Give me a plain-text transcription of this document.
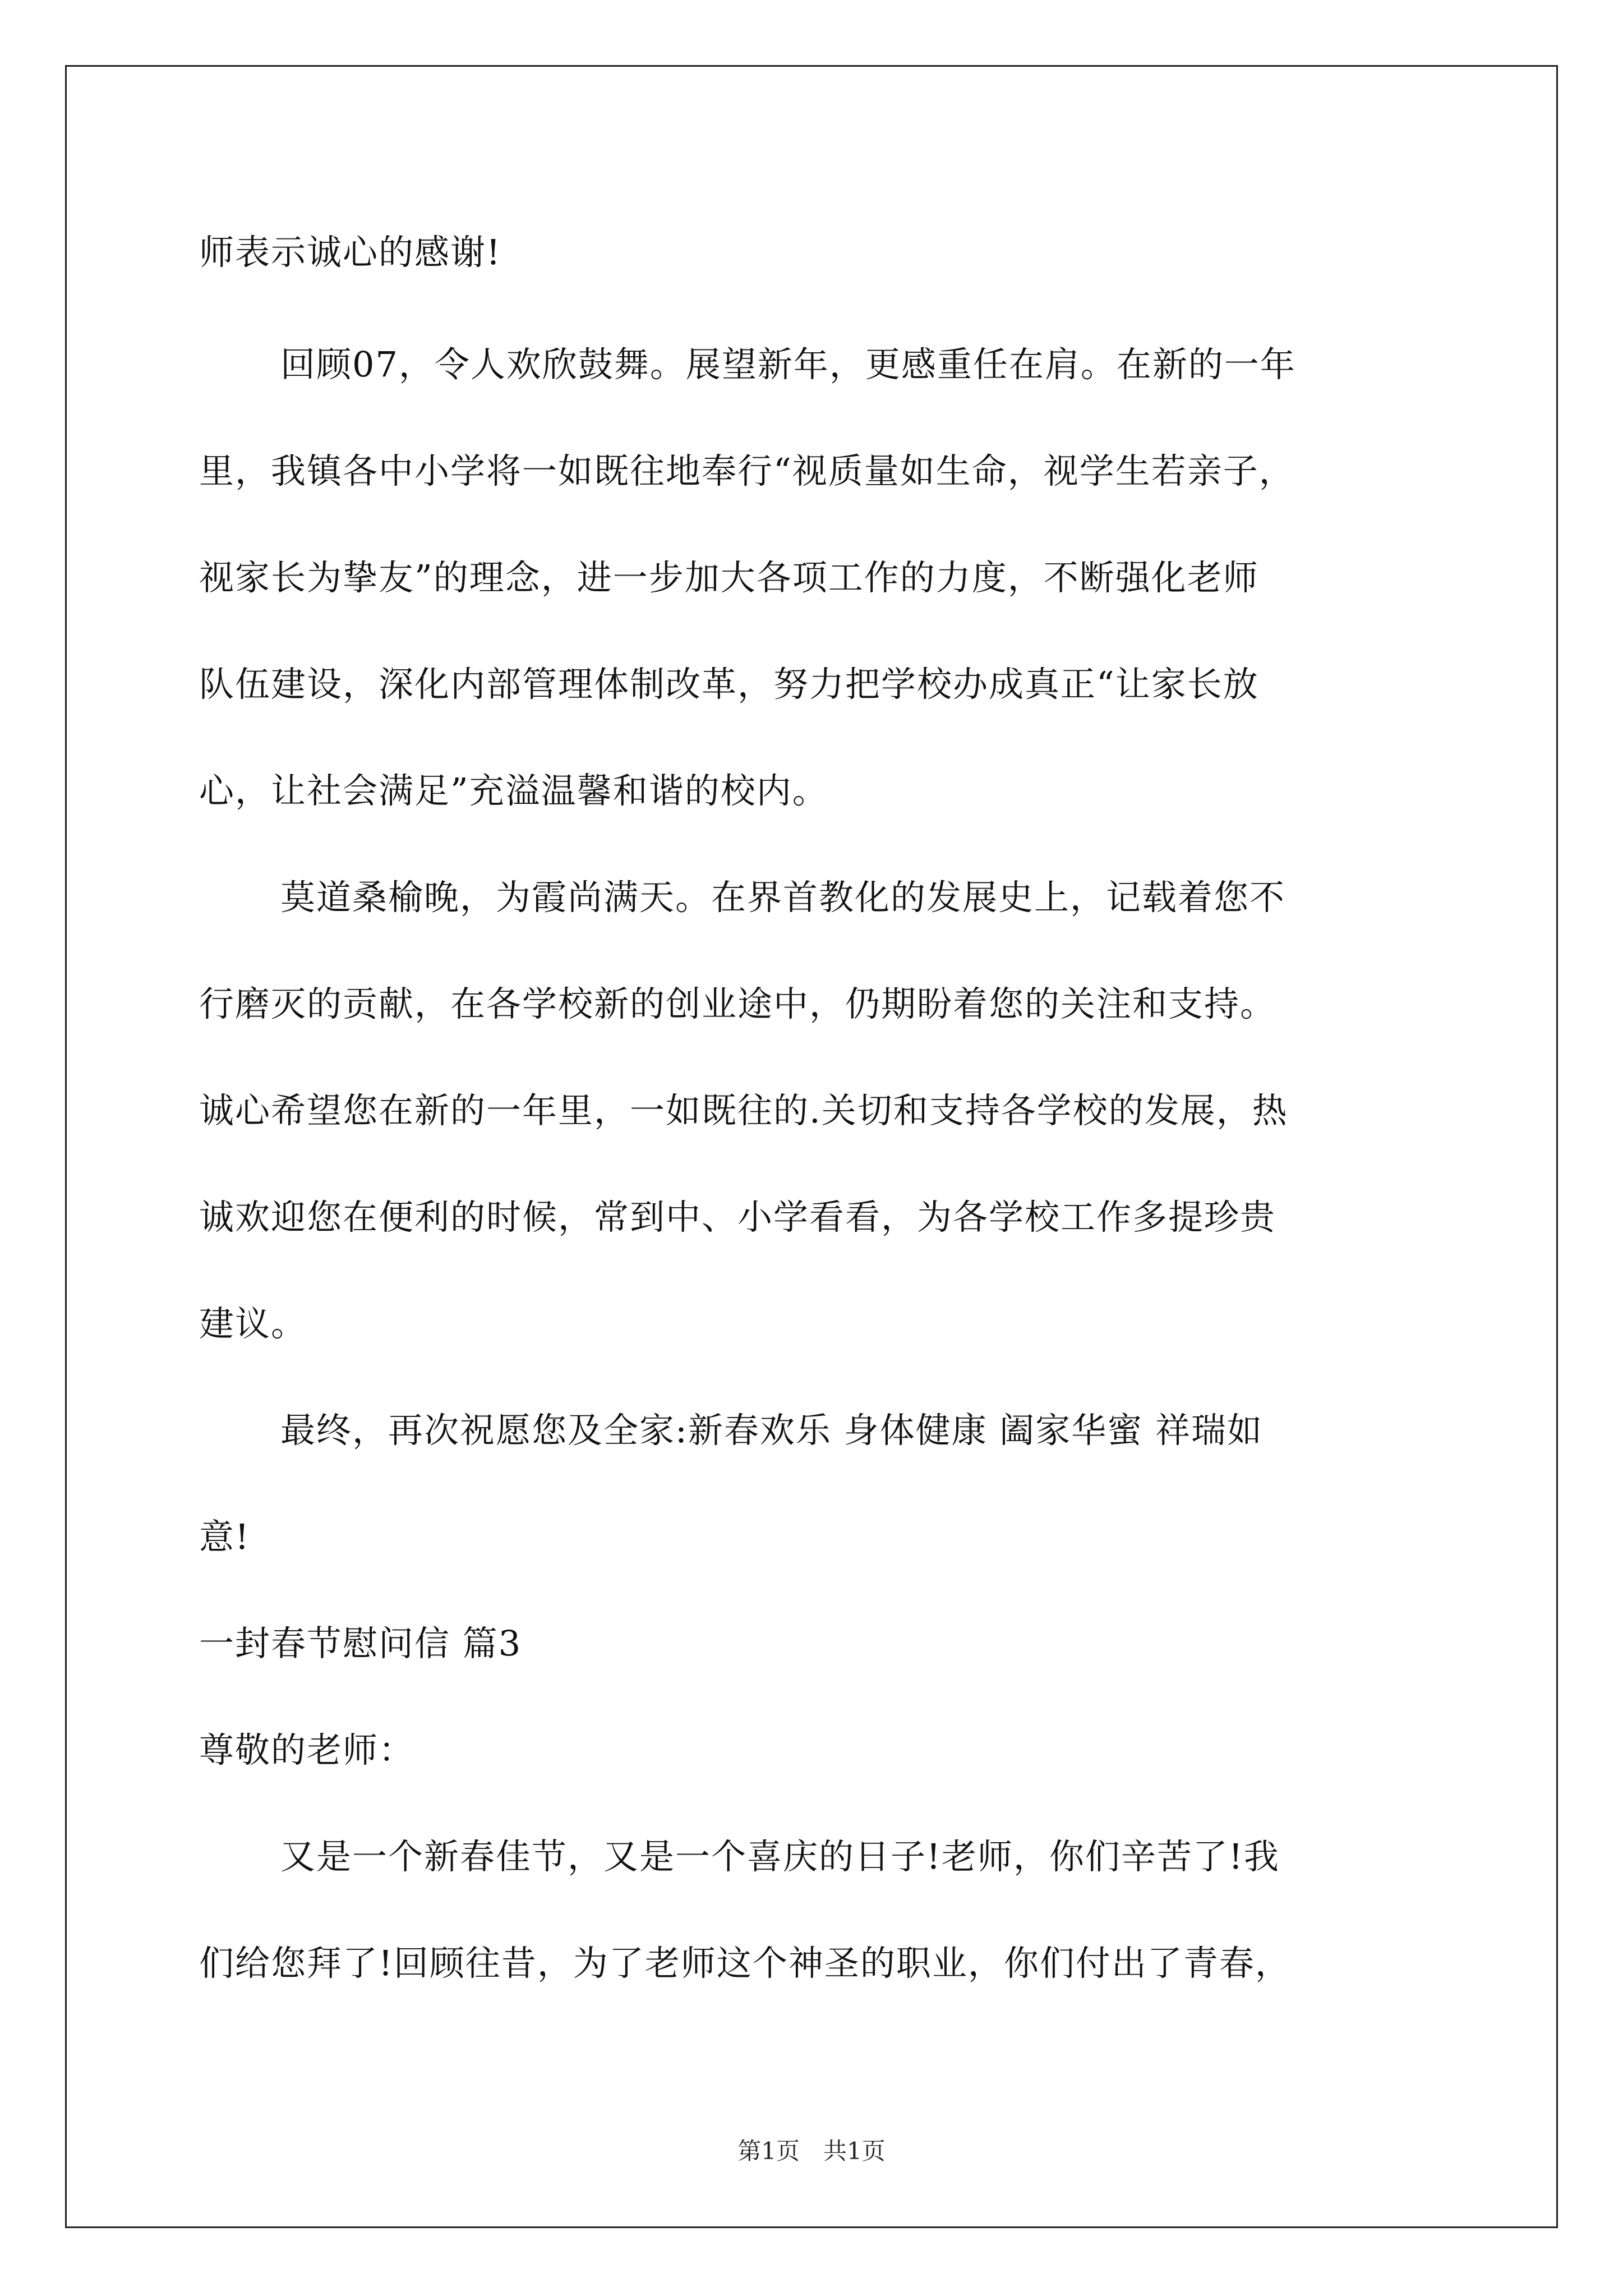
师表示诚心的感谢!
回顾07，令人欢欣鼓舞。展望新年，更感重任在肩。在新的一年
里，我镇各中小学将一如既往地奉行“视质量如生命，视学生若亲子，
视家长为挚友”的理念，进一步加大各项工作的力度，不断强化老师
队伍建设，深化内部管理体制改革，努力把学校办成真正“让家长放
心，让社会满足”充溢温馨和谐的校内。
莫道桑榆晚，为霞尚满天。在界首教化的发展史上，记载着您不
行磨灭的贡献，在各学校新的创业途中，仍期盼着您的关注和支持。
诚心希望您在新的一年里，一如既往的.关切和支持各学校的发展，热
诚欢迎您在便利的时候，常到中、小学看看，为各学校工作多提珍贵
建议。
最终，再次祝愿您及全家:新春欢乐 身体健康 阖家华蜜 祥瑞如
意!
一封春节慰问信 篇3
尊敬的老师：
又是一个新春佳节，又是一个喜庆的日子!老师，你们辛苦了!我
们给您拜了!回顾往昔，为了老师这个神圣的职业，你们付出了青春，
第1页　共1页
